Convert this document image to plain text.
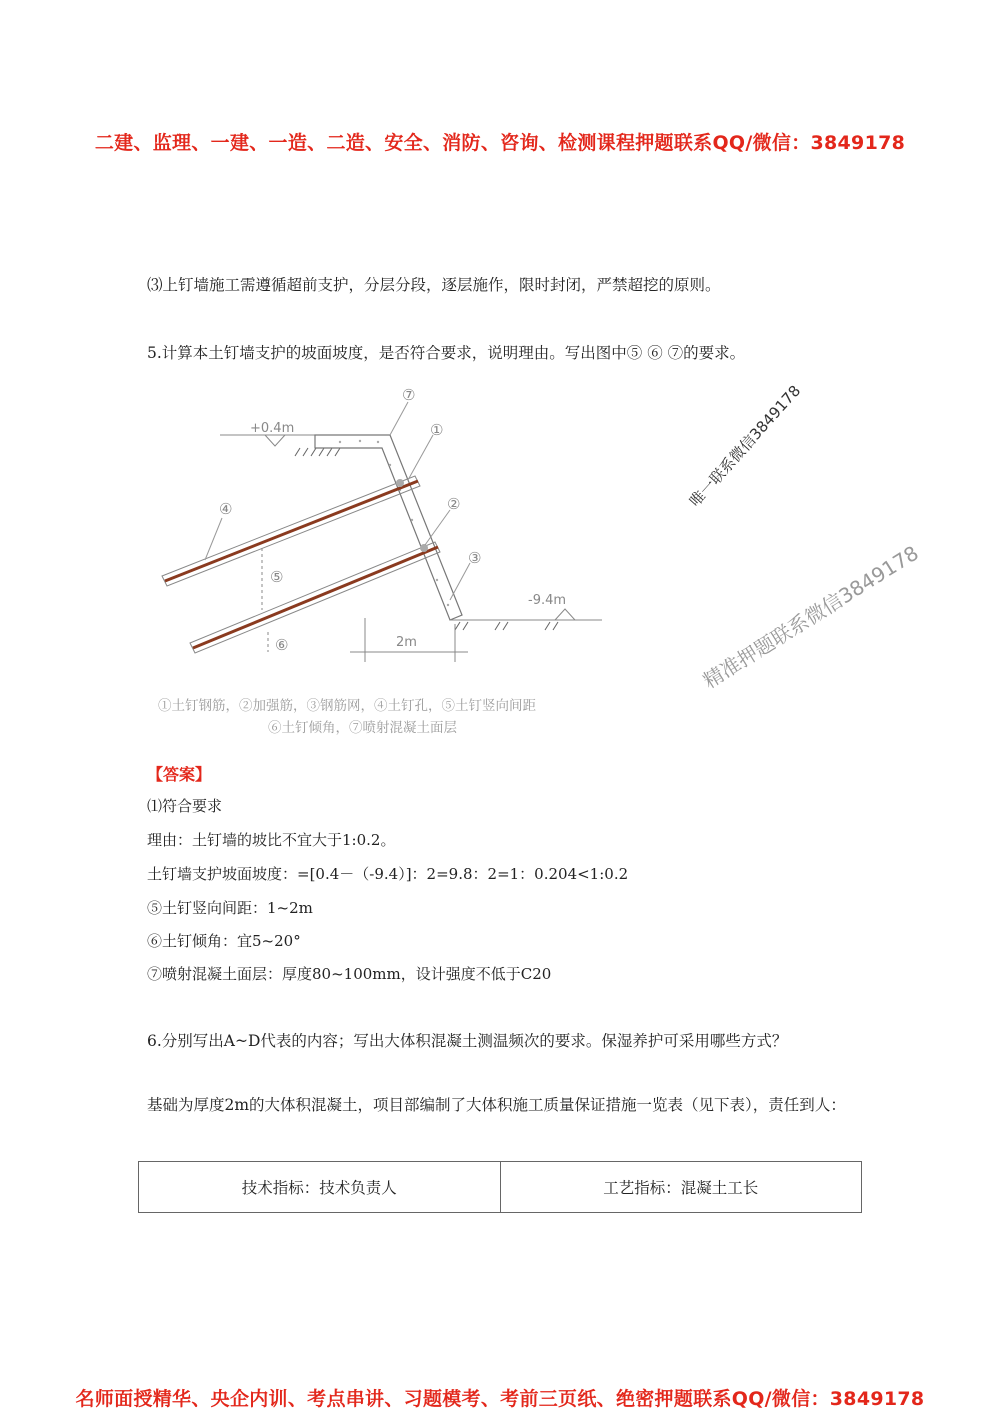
二建、监理、一建、一造、二造、安全、消防、咨询、检测课程押题联系QQ/微信：3849178
⑶上钉墙施工需遵循超前支护，分层分段，逐层施作，限时封闭，严禁超挖的原则。
5.计算本土钉墙支护的坡面坡度，是否符合要求，说明理由。写出图中⑤ ⑥ ⑦的要求。
+0.4m
-9.4m
2m
⑦
①
②
③
④
⑤
⑥
①土钉钢筋，②加强筋，③钢筋网，④土钉孔，⑤土钉竖向间距
⑥土钉倾角，⑦喷射混凝土面层
唯一联系微信3849178
精准押题联系微信3849178
【答案】
⑴符合要求
理由：土钉墙的坡比不宜大于1:0.2。
土钉墙支护坡面坡度：=[0.4－（-9.4）]：2=9.8：2=1：0.204<1:0.2
⑤土钉竖向间距：1~2m
⑥土钉倾角：宜5~20°
⑦喷射混凝土面层：厚度80~100mm，设计强度不低于C20
6.分别写出A~D代表的内容；写出大体积混凝土测温频次的要求。保湿养护可采用哪些方式？
基础为厚度2m的大体积混凝土，项目部编制了大体积施工质量保证措施一览表（见下表），责任到人：
技术指标：技术负责人	工艺指标：混凝土工长
名师面授精华、央企内训、考点串讲、习题模考、考前三页纸、绝密押题联系QQ/微信：3849178
